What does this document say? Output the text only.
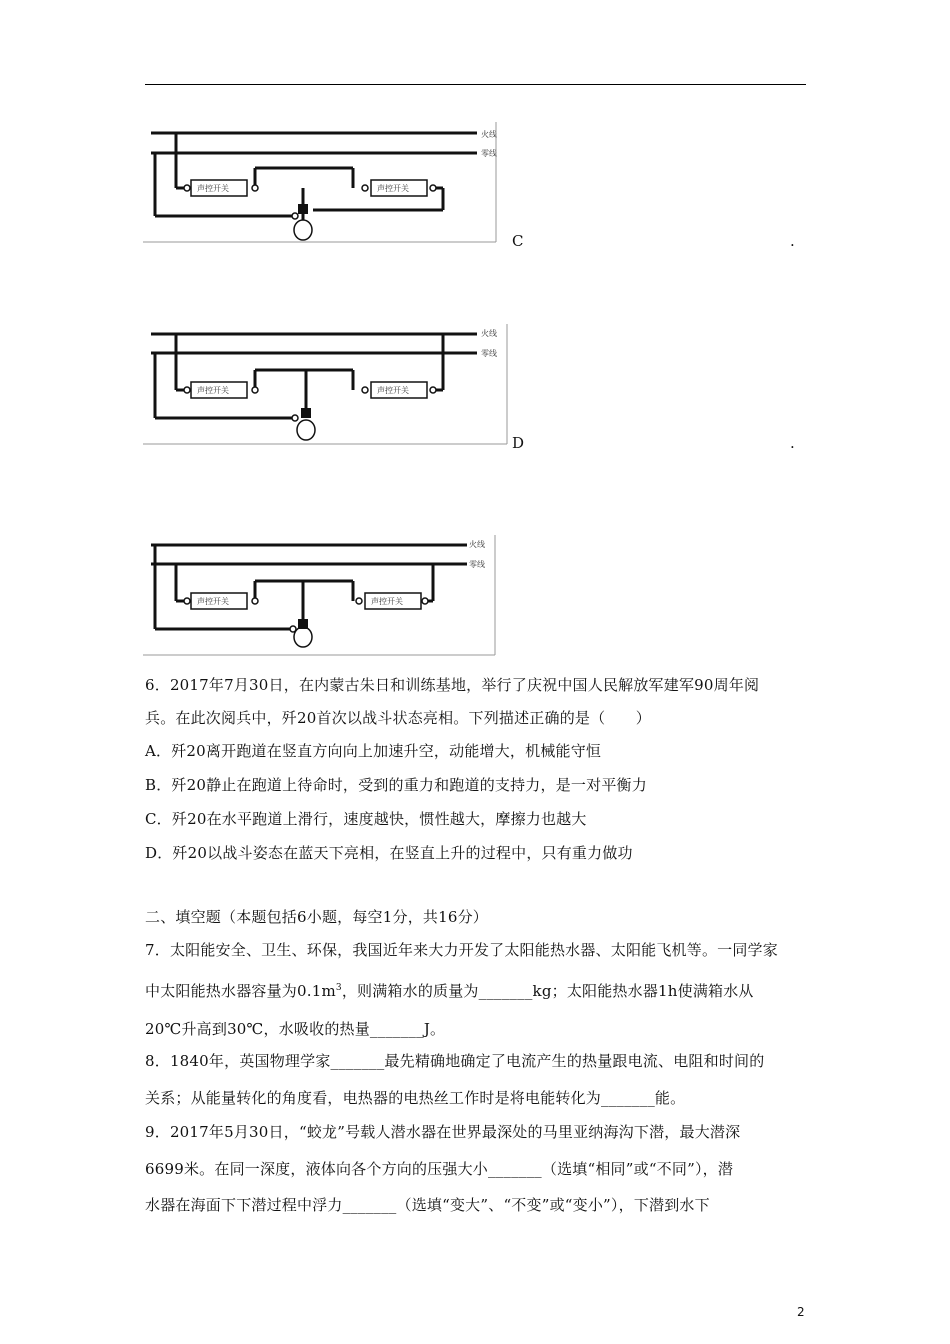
声控开关	声控开关
火线
零线
C	.
声控开关	声控开关
火线
零线
D	.
声控开关	声控开关
火线
零线
6．2017年7月30日，在内蒙古朱日和训练基地，举行了庆祝中国人民解放军建军90周年阅
兵。在此次阅兵中，歼20首次以战斗状态亮相。下列描述正确的是（　　）
A．歼20离开跑道在竖直方向向上加速升空，动能增大，机械能守恒
B．歼20静止在跑道上待命时，受到的重力和跑道的支持力，是一对平衡力
C．歼20在水平跑道上滑行，速度越快，惯性越大，摩擦力也越大
D．歼20以战斗姿态在蓝天下亮相，在竖直上升的过程中，只有重力做功
二、填空题（本题包括6小题，每空1分，共16分）
7．太阳能安全、卫生、环保，我国近年来大力开发了太阳能热水器、太阳能飞机等。一同学家
中太阳能热水器容量为$0.1m^3$，则满箱水的质量为_______kg；太阳能热水器1h使满箱水从
20℃升高到30℃，水吸收的热量_______J。
8．1840年，英国物理学家_______最先精确地确定了电流产生的热量跟电流、电阻和时间的
关系；从能量转化的角度看，电热器的电热丝工作时是将电能转化为_______能。
9．2017年5月30日，“蛟龙”号载人潜水器在世界最深处的马里亚纳海沟下潜，最大潜深
6699米。在同一深度，液体向各个方向的压强大小_______（选填“相同”或“不同”），潜
水器在海面下下潜过程中浮力_______（选填“变大”、“不变”或“变小”），下潜到水下
2
